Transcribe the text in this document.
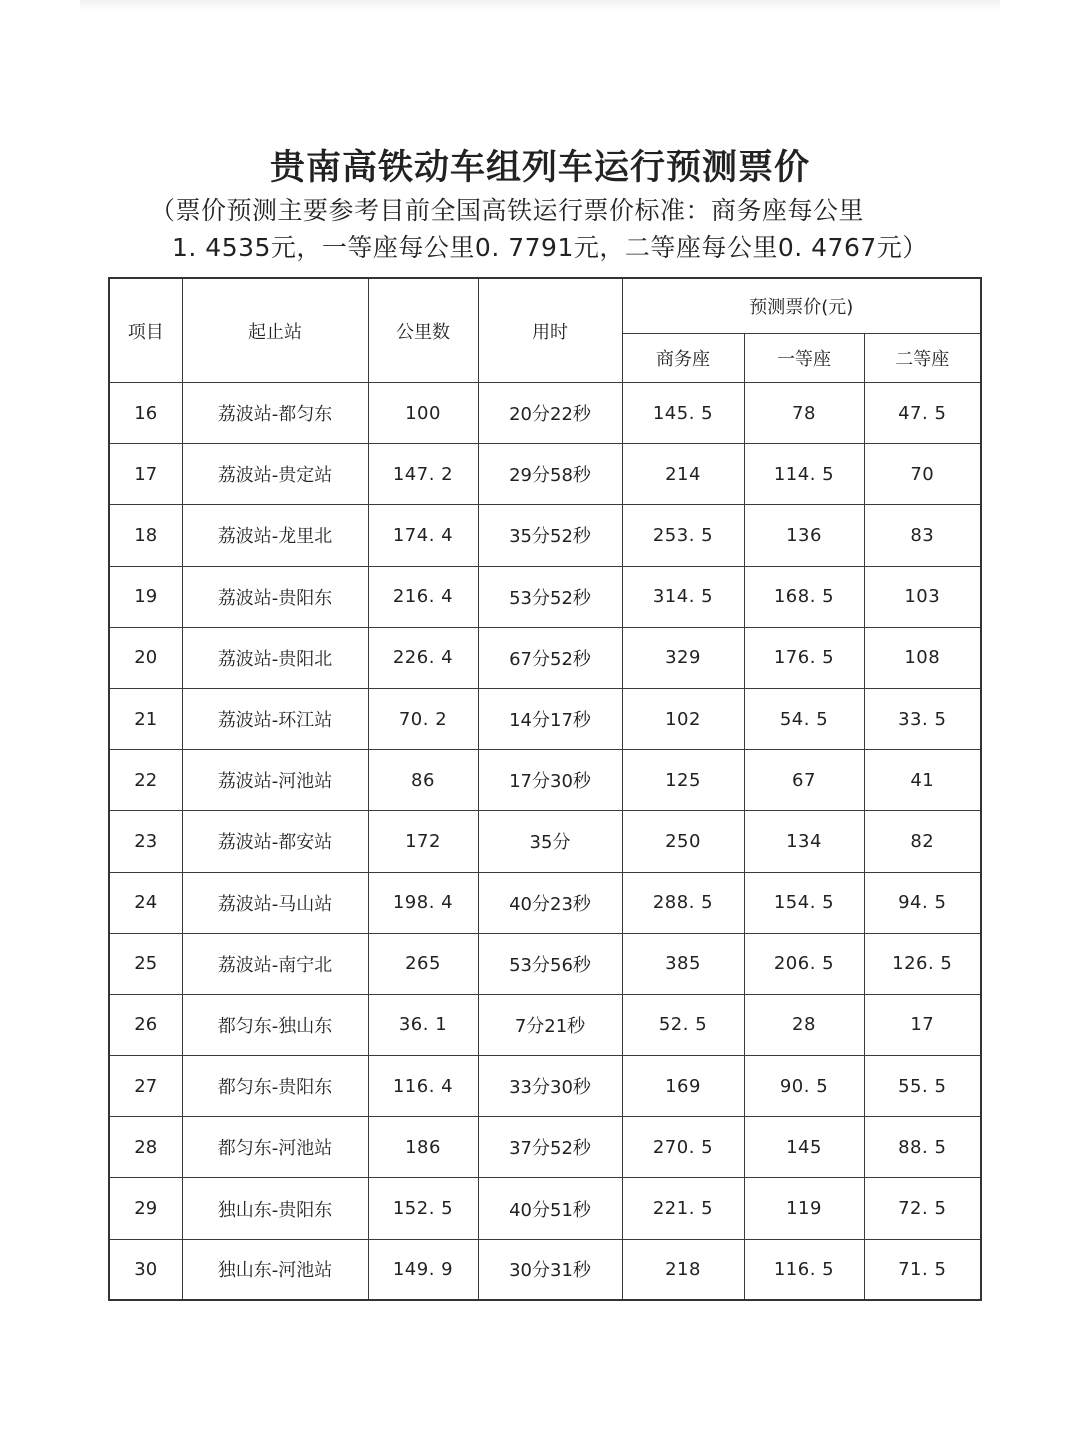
贵南高铁动车组列车运行预测票价
（票价预测主要参考目前全国高铁运行票价标准：商务座每公里
1. 4535元，一等座每公里0. 7791元，二等座每公里0. 4767元）
项目	起止站	公里数	用时	预测票价(元)		
				商务座	一等座	二等座
16	荔波站-都匀东	100	20分22秒	145. 5	78	47. 5
17	荔波站-贵定站	147. 2	29分58秒	214	114. 5	70
18	荔波站-龙里北	174. 4	35分52秒	253. 5	136	83
19	荔波站-贵阳东	216. 4	53分52秒	314. 5	168. 5	103
20	荔波站-贵阳北	226. 4	67分52秒	329	176. 5	108
21	荔波站-环江站	70. 2	14分17秒	102	54. 5	33. 5
22	荔波站-河池站	86	17分30秒	125	67	41
23	荔波站-都安站	172	35分	250	134	82
24	荔波站-马山站	198. 4	40分23秒	288. 5	154. 5	94. 5
25	荔波站-南宁北	265	53分56秒	385	206. 5	126. 5
26	都匀东-独山东	36. 1	7分21秒	52. 5	28	17
27	都匀东-贵阳东	116. 4	33分30秒	169	90. 5	55. 5
28	都匀东-河池站	186	37分52秒	270. 5	145	88. 5
29	独山东-贵阳东	152. 5	40分51秒	221. 5	119	72. 5
30	独山东-河池站	149. 9	30分31秒	218	116. 5	71. 5
